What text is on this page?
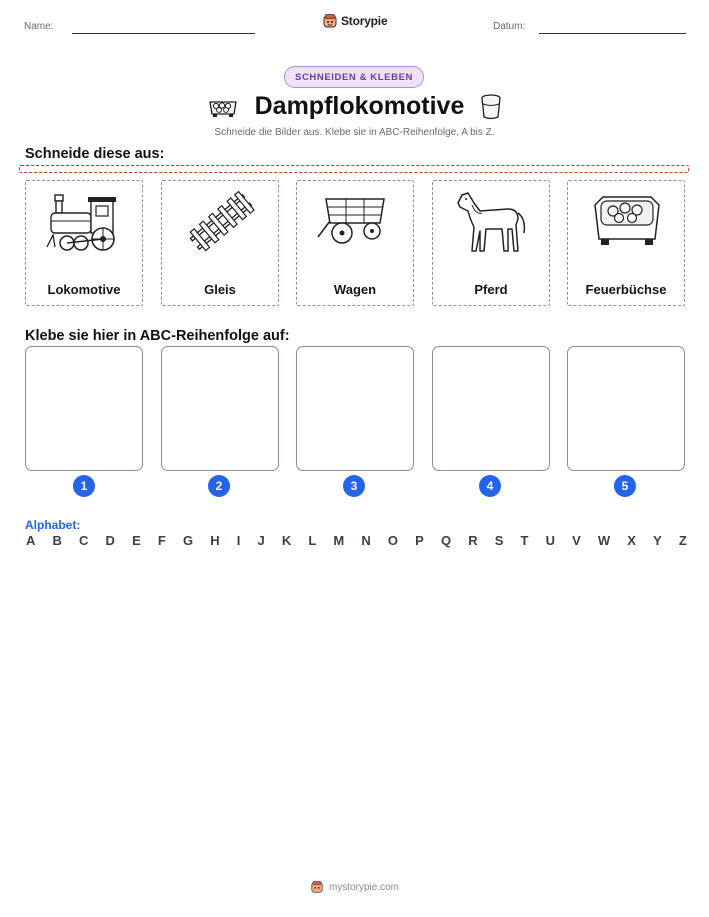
Name:	Storypie	Datum:
SCHNEIDEN & KLEBEN
Dampflokomotive
Schneide die Bilder aus. Klebe sie in ABC-Reihenfolge, A bis Z.
Schneide diese aus:
Lokomotive	Gleis	Wagen	Pferd	Feuerbüchse
Klebe sie hier in ABC-Reihenfolge auf:
1	2	3	4	5
Alphabet:
A B C D E F G H I J K L M N O P Q R S T U V W X Y Z
mystorypie.com
